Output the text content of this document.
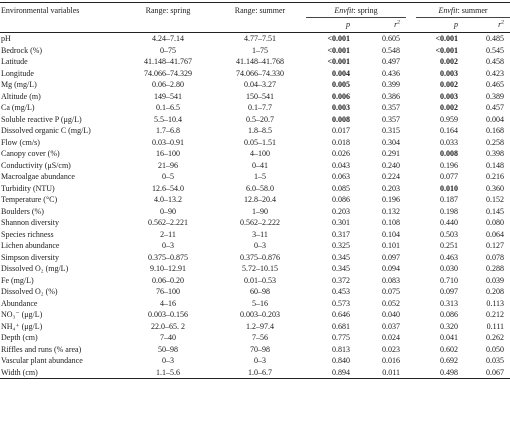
Environmental variables	Range: spring	Range: summer	Envfit: spring			Envfit: summer	
			p	$r^2$		p	$r^2$
pH	4.24–7.14	4.77–7.51	<0.001	0.605		<0.001	0.485
Bedrock (%)	0–75	1–75	<0.001	0.548		<0.001	0.545
Latitude	41.148–41.767	41.148–41.768	<0.001	0.497		0.002	0.458
Longitude	74.066–74.329	74.066–74.330	0.004	0.436		0.003	0.423
Mg (mg/L)	0.06–2.80	0.04–3.27	0.005	0.399		0.002	0.465
Altitude (m)	149–541	150–541	0.006	0.386		0.003	0.389
Ca (mg/L)	0.1–6.5	0.1–7.7	0.003	0.357		0.002	0.457
Soluble reactive P (μg/L)	5.5–10.4	0.5–20.7	0.008	0.357		0.959	0.004
Dissolved organic C (mg/L)	1.7–6.8	1.8–8.5	0.017	0.315		0.164	0.168
Flow (cm/s)	0.03–0.91	0.05–1.51	0.018	0.304		0.033	0.258
Canopy cover (%)	16–100	4–100	0.026	0.291		0.008	0.398
Conductivity (μS/cm)	21–96	0–41	0.043	0.240		0.196	0.148
Macroalgae abundance	0–5	1–5	0.063	0.224		0.077	0.216
Turbidity (NTU)	12.6–54.0	6.0–58.0	0.085	0.203		0.010	0.360
Temperature (°C)	4.0–13.2	12.8–20.4	0.086	0.196		0.187	0.152
Boulders (%)	0–90	1–90	0.203	0.132		0.198	0.145
Shannon diversity	0.562–2.221	0.562–2.222	0.301	0.108		0.440	0.080
Species richness	2–11	3–11	0.317	0.104		0.503	0.064
Lichen abundance	0–3	0–3	0.325	0.101		0.251	0.127
Simpson diversity	0.375–0.875	0.375–0.876	0.345	0.097		0.463	0.078
Dissolved O₂ (mg/L)	9.10–12.91	5.72–10.15	0.345	0.094		0.030	0.288
Fe (mg/L)	0.06–0.20	0.01–0.53	0.372	0.083		0.710	0.039
Dissolved O₂ (%)	76–100	60–98	0.453	0.075		0.097	0.208
Abundance	4–16	5–16	0.573	0.052		0.313	0.113
NO₃⁻ (μg/L)	0.003–0.156	0.003–0.203	0.646	0.040		0.086	0.212
NH₄⁺ (μg/L)	22.0–65. 2	1.2–97.4	0.681	0.037		0.320	0.111
Depth (cm)	7–40	7–56	0.775	0.024		0.041	0.262
Riffles and runs (% area)	50–98	70–98	0.813	0.023		0.602	0.050
Vascular plant abundance	0–3	0–3	0.840	0.016		0.692	0.035
Width (cm)	1.1–5.6	1.0–6.7	0.894	0.011		0.498	0.067
